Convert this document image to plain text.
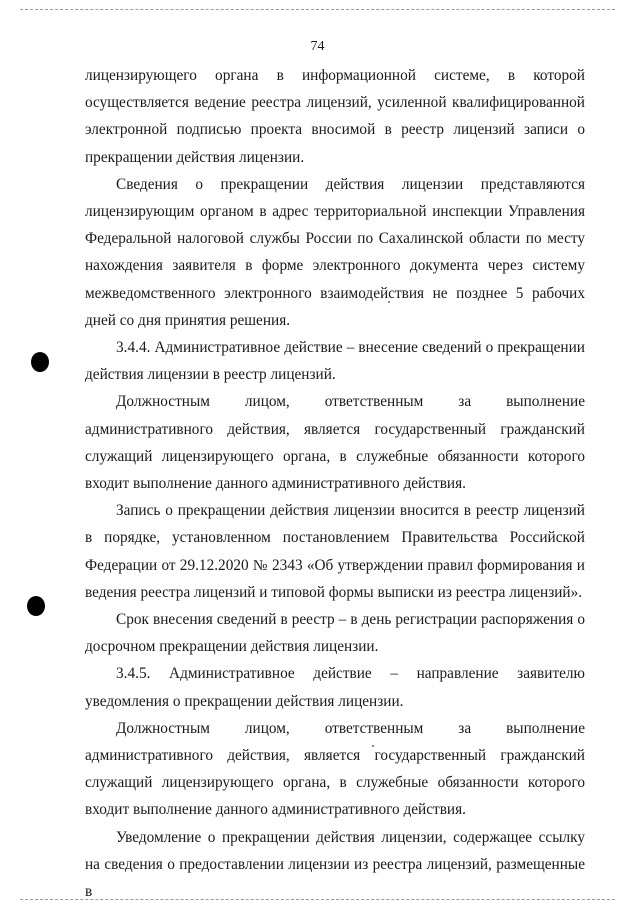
74

лицензирующего органа в информационной системе, в которой осуществляется ведение реестра лицензий, усиленной квалифицированной электронной подписью проекта вносимой в реестр лицензий записи о прекращении действия лицензии.

Сведения о прекращении действия лицензии представляются лицензирующим органом в адрес территориальной инспекции Управления Федеральной налоговой службы России по Сахалинской области по месту нахождения заявителя в форме электронного документа через систему межведомственного электронного взаимодействия не позднее 5 рабочих дней со дня принятия решения.

3.4.4. Административное действие – внесение сведений о прекращении действия лицензии в реестр лицензий.

Должностным лицом, ответственным за выполнение административного действия, является государственный гражданский служащий лицензирующего органа, в служебные обязанности которого входит выполнение данного административного действия.

Запись о прекращении действия лицензии вносится в реестр лицензий в порядке, установленном постановлением Правительства Российской Федерации от 29.12.2020 № 2343 «Об утверждении правил формирования и ведения реестра лицензий и типовой формы выписки из реестра лицензий».

Срок внесения сведений в реестр – в день регистрации распоряжения о досрочном прекращении действия лицензии.

3.4.5. Административное действие – направление заявителю уведомления о прекращении действия лицензии.

Должностным лицом, ответственным за выполнение административного действия, является государственный гражданский служащий лицензирующего органа, в служебные обязанности которого входит выполнение данного административного действия.

Уведомление о прекращении действия лицензии, содержащее ссылку на сведения о предоставлении лицензии из реестра лицензий, размещенные в
